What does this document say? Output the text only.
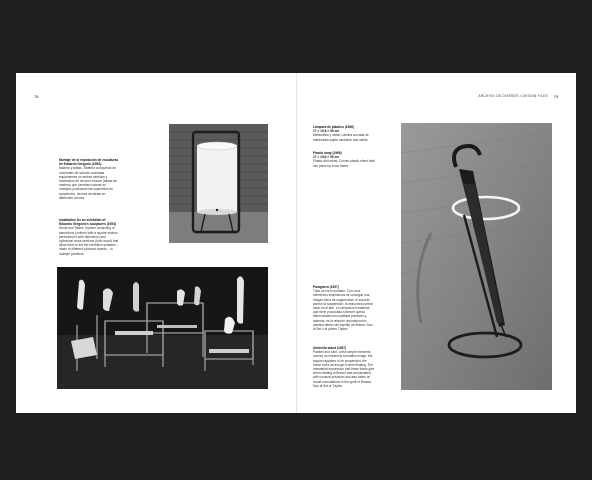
78
Montaje de la exposición de esculturas de Eduardo Gregorio (1953).
Madera y tablas. Sistema compuesto de montantes de sección cuadrada equipotentes en ambos sentidos y travesaños de sección circular (tablas de madera) que permiten colocar en múltiples posiciones las superficies en suspensión, hechas de tablas en diferentes colores.
Installation for an exhibition of Eduardo Gregorio's sculptures (1953)
Wood and Tables. System consisting of stanchions (uniform with a square section perforated in both directions) and cylindrical cross-sections (both wood) that allow them to set the exhibition surfaces – made of different coloured boards – in multiple positions.
ARCHIVO DE DISEÑOS / DESIGN FILES 79
Lámpara de plástico (1966)
17 × 19,6 × 39 cm
Metacrilato y metal. Lámina curvada de metacrilato sujeta mediante una varilla.
Plastic lamp (1966)
17 × 19,6 × 39 cm
Plastic and metal. Curved plastic sheet held into place by a bar frame.
Paragüero (1957)
Tubo de hierro pintado. Con unos elementos simplísimos se consigue una imagen llena de sugerencias; el soporte parece la suspensión, la estructura parece estar en el aire. La sensación inmaterial que tiene provocada a Breuer queda atemorizada con inusitada precisión y, además, es la relación reconstrucción plástica dentro del espíritu de Breuer, Dau al Set o el primer Tàpies.
Umbrella stand (1957)
Painted iron tube. A few simple elements convey an extremely evocative image: the support appears to be suspended, the frame looks as though it were floating. The immaterial impression that these tubes give when relating to Breuer was annunciated with unusual precision and also takes on visual connotations in the spirit of Brossa, Dau al Set or Tàpies.
